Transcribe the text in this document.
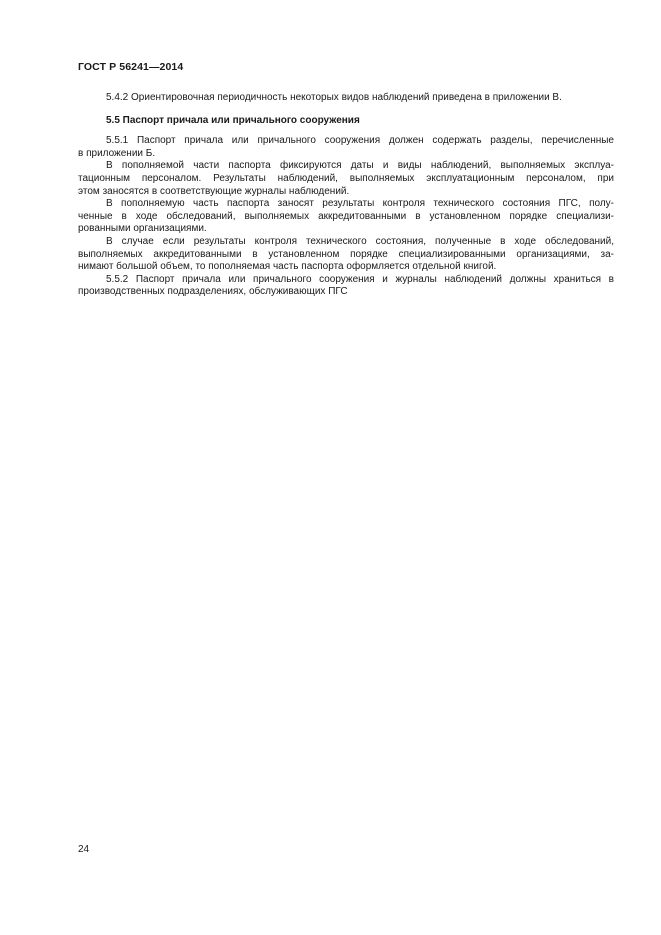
ГОСТ Р 56241—2014
5.4.2 Ориентировочная периодичность некоторых видов наблюдений приведена в приложении В.
5.5 Паспорт причала или причального сооружения
5.5.1 Паспорт причала или причального сооружения должен содержать разделы, перечисленные
в приложении Б.
В пополняемой части паспорта фиксируются даты и виды наблюдений, выполняемых эксплуа-
тационным персоналом. Результаты наблюдений, выполняемых эксплуатационным персоналом, при
этом заносятся в соответствующие журналы наблюдений.
В пополняемую часть паспорта заносят результаты контроля технического состояния ПГС, полу-
ченные в ходе обследований, выполняемых аккредитованными в установленном порядке специализи-
рованными организациями.
В случае если результаты контроля технического состояния, полученные в ходе обследований,
выполняемых аккредитованными в установленном порядке специализированными организациями, за-
нимают большой объем, то пополняемая часть паспорта оформляется отдельной книгой.
5.5.2 Паспорт причала или причального сооружения и журналы наблюдений должны храниться в
производственных подразделениях, обслуживающих ПГС
24
